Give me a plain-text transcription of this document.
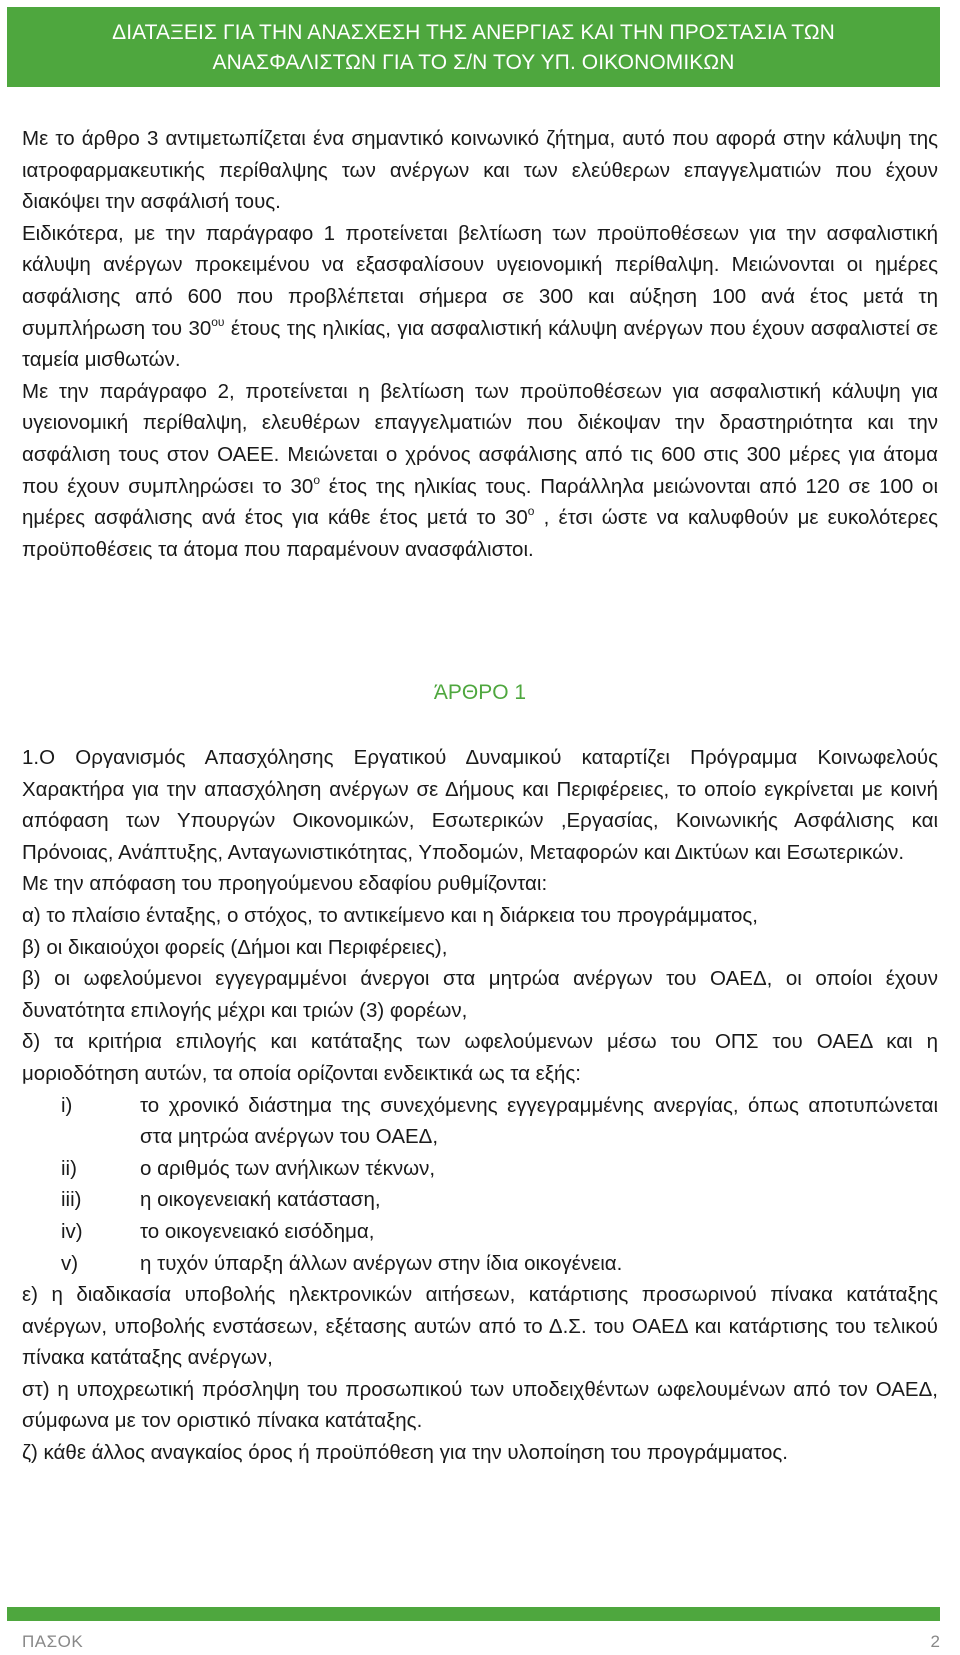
ΔΙΑΤΑΞΕΙΣ ΓΙΑ ΤΗΝ ΑΝΑΣΧΕΣΗ ΤΗΣ ΑΝΕΡΓΙΑΣ ΚΑΙ ΤΗΝ ΠΡΟΣΤΑΣΙΑ ΤΩΝ
ΑΝΑΣΦΑΛΙΣΤΩΝ ΓΙΑ ΤΟ Σ/Ν ΤΟΥ ΥΠ. ΟΙΚΟΝΟΜΙΚΩΝ

Με το άρθρο 3 αντιμετωπίζεται ένα σημαντικό κοινωνικό ζήτημα, αυτό που αφορά στην κάλυψη της ιατροφαρμακευτικής περίθαλψης των ανέργων και των ελεύθερων επαγγελματιών που έχουν διακόψει την ασφάλισή τους.

Ειδικότερα, με την παράγραφο 1 προτείνεται βελτίωση των προϋποθέσεων για την ασφαλιστική κάλυψη ανέργων προκειμένου να εξασφαλίσουν υγειονομική περίθαλψη. Μειώνονται οι ημέρες ασφάλισης από 600 που προβλέπεται σήμερα σε 300 και αύξηση 100 ανά έτος μετά τη συμπλήρωση του $30^{o\upsilon}$ έτους της ηλικίας, για ασφαλιστική κάλυψη ανέργων που έχουν ασφαλιστεί σε ταμεία μισθωτών.

Με την παράγραφο 2, προτείνεται η βελτίωση των προϋποθέσεων για ασφαλιστική κάλυψη για υγειονομική περίθαλψη, ελευθέρων επαγγελματιών που διέκοψαν την δραστηριότητα και την ασφάλιση τους στον ΟΑΕΕ. Μειώνεται ο χρόνος ασφάλισης από τις 600 στις 300 μέρες για άτομα που έχουν συμπληρώσει το $30^o$ έτος της ηλικίας τους. Παράλληλα μειώνονται από 120 σε 100 οι ημέρες ασφάλισης ανά έτος για κάθε έτος μετά το $30^o$ , έτσι ώστε να καλυφθούν με ευκολότερες προϋποθέσεις τα άτομα που παραμένουν ανασφάλιστοι.

ΆΡΘΡΟ 1

1.Ο Οργανισμός Απασχόλησης Εργατικού Δυναμικού καταρτίζει Πρόγραμμα Κοινωφελούς Χαρακτήρα για την απασχόληση ανέργων σε Δήμους και Περιφέρειες, το οποίο εγκρίνεται με κοινή απόφαση των Υπουργών Οικονομικών, Εσωτερικών ,Εργασίας, Κοινωνικής Ασφάλισης και Πρόνοιας, Ανάπτυξης, Ανταγωνιστικότητας, Υποδομών, Μεταφορών και Δικτύων και Εσωτερικών.

Με την απόφαση του προηγούμενου εδαφίου ρυθμίζονται:

α) το πλαίσιο ένταξης, ο στόχος, το αντικείμενο και η διάρκεια του προγράμματος,

β) οι δικαιούχοι φορείς (Δήμοι και Περιφέρειες),

β) οι ωφελούμενοι εγγεγραμμένοι άνεργοι στα μητρώα ανέργων του ΟΑΕΔ, οι οποίοι έχουν δυνατότητα επιλογής μέχρι και τριών (3) φορέων,

δ) τα κριτήρια επιλογής και κατάταξης των ωφελούμενων μέσω του ΟΠΣ του ΟΑΕΔ και η μοριοδότηση αυτών, τα οποία ορίζονται ενδεικτικά ως τα εξής:

i)	το χρονικό διάστημα της συνεχόμενης εγγεγραμμένης ανεργίας, όπως αποτυπώνεται στα μητρώα ανέργων του ΟΑΕΔ,
ii)	ο αριθμός των ανήλικων τέκνων,
iii)	η οικογενειακή κατάσταση,
iv)	το οικογενειακό εισόδημα,
v)	η τυχόν ύπαρξη άλλων ανέργων στην ίδια οικογένεια.

ε) η διαδικασία υποβολής ηλεκτρονικών αιτήσεων, κατάρτισης προσωρινού πίνακα κατάταξης ανέργων, υποβολής ενστάσεων, εξέτασης αυτών από το Δ.Σ. του ΟΑΕΔ και κατάρτισης του τελικού πίνακα κατάταξης ανέργων,

στ) η υποχρεωτική πρόσληψη του προσωπικού των υποδειχθέντων ωφελουμένων από τον ΟΑΕΔ, σύμφωνα με τον οριστικό πίνακα κατάταξης.

ζ) κάθε άλλος αναγκαίος όρος ή προϋπόθεση για την υλοποίηση του προγράμματος.

ΠΑΣΟΚ	2
